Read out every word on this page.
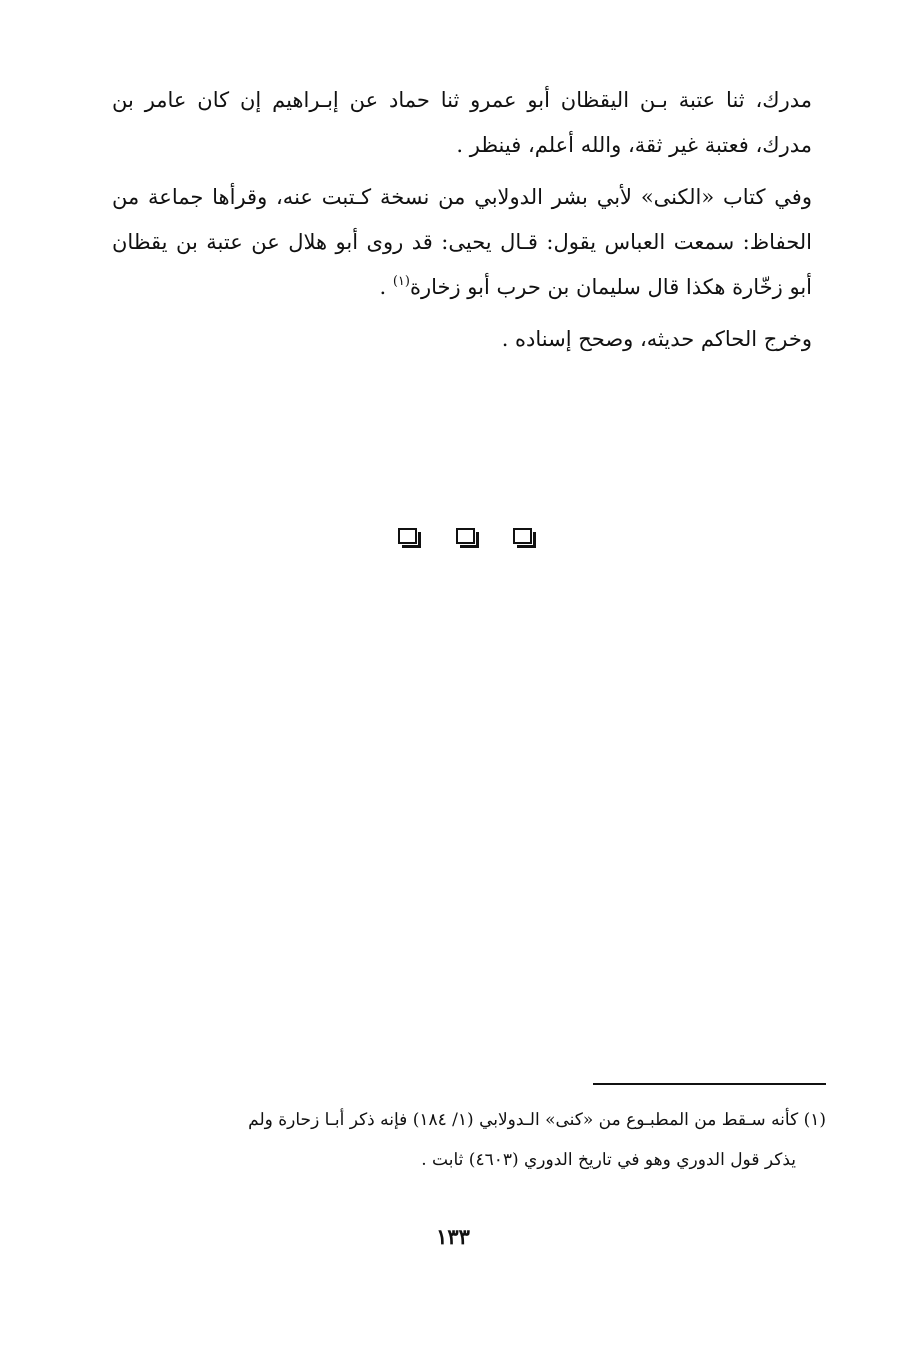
مدرك، ثنا عتبة بـن اليقظان أبو عمرو ثنا حماد عن إبـراهيم إن كان عامر بن مدرك، فعتبة غير ثقة، والله أعلم، فينظر .

وفي كتاب «الكنى» لأبي بشر الدولابي من نسخة كـتبت عنه، وقرأها جماعة من الحفاظ: سمعت العباس يقول: قـال يحيى: قد روى أبو هلال عن عتبة بن يقظان أبو زخّارة هكذا قال سليمان بن حرب أبو زخارة$^{(١)}$ .

وخرج الحاكم حديثه، وصحح إسناده .

(١) كأنه سـقط من المطبـوع من «كنى» الـدولابي (١/ ١٨٤) فإنه ذكر أبـا زحارة ولم
يذكر قول الدوري وهو في تاريخ الدوري (٤٦٠٣) ثابت .
١٣٣
